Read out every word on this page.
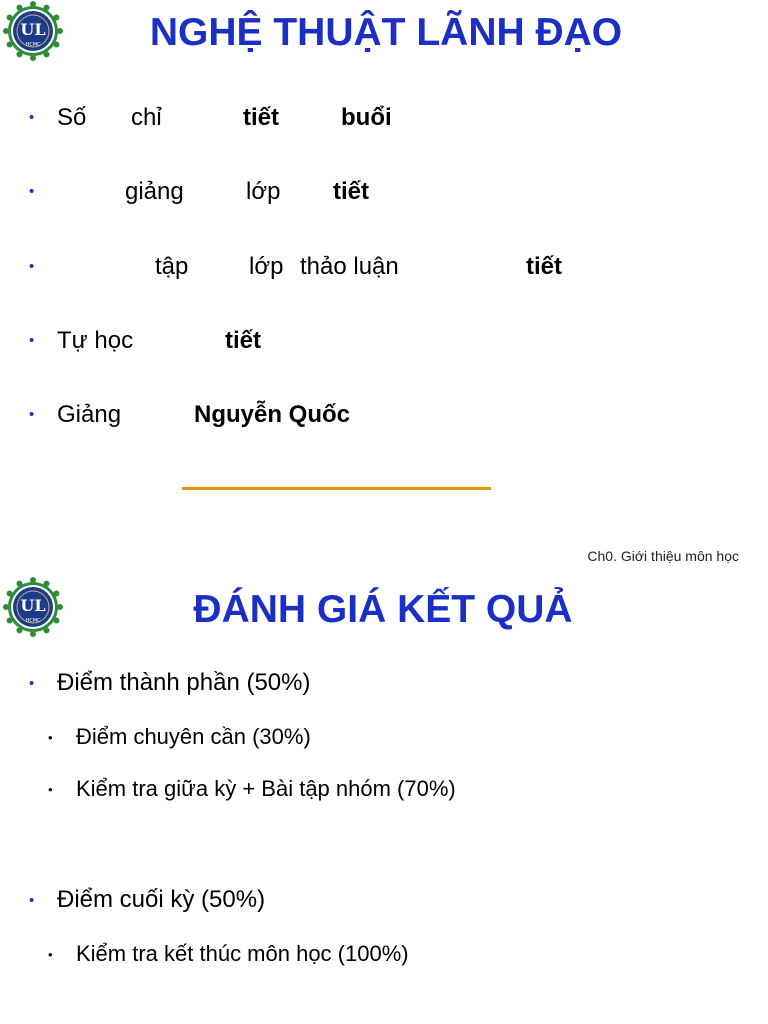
UL
HCMC	NGHỆ THUẬT LÃNH ĐẠO
• Số chỉ	tiết	buổi
•	giảng	lớp tiết
•	tập	lớp thảo luận	tiết
• Tự học	tiết
• Giảng	Nguyễn Quốc
Ch0. Giới thiệu môn học
UL
HCMC	ĐÁNH GIÁ KẾT QUẢ
• Điểm thành phần (50%)
• Điểm chuyên cần (30%)
• Kiểm tra giữa kỳ + Bài tập nhóm (70%)
• Điểm cuối kỳ (50%)
• Kiểm tra kết thúc môn học (100%)
